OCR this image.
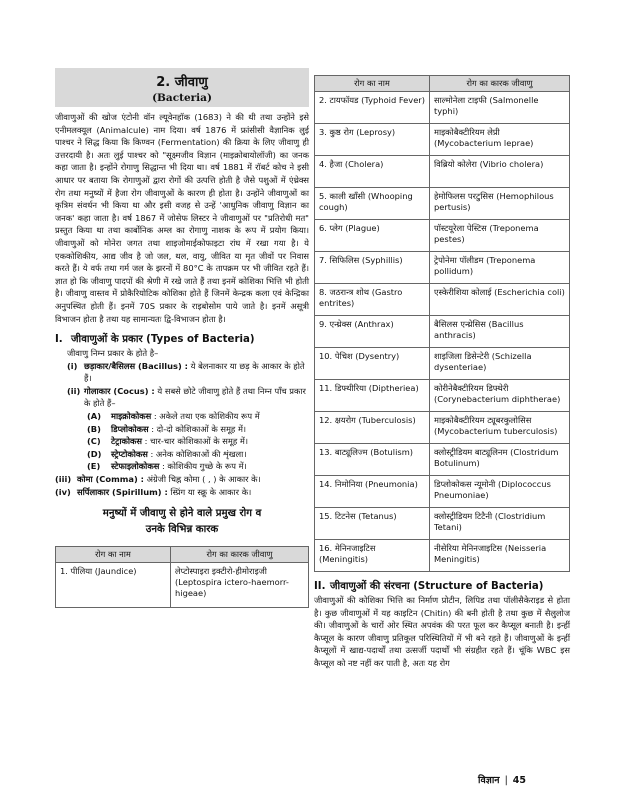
2. जीवाणु
(Bacteria)

जीवाणुओं की खोज एंटोनी वॉन ल्यूवेनहॉक (1683) ने की थी तथा उन्होंने इसे एनीमलक्यूल (Animalcule) नाम दिया। वर्ष 1876 में फ्रांसीसी वैज्ञानिक लुई पाश्चर ने सिद्ध किया कि किण्वन (Fermentation) की क्रिया के लिए जीवाणु ही उत्तरदायी है। अतः लुई पाश्चर को "सूक्ष्मजीव विज्ञान (माइक्रोबायोलॉजी) का जनक कहा जाता है। इन्होंने रोगाणु सिद्धान्त भी दिया था। वर्ष 1881 में रॉबर्ट कोच ने इसी आधार पर बताया कि रोगाणुओं द्वारा रोगों की उत्पत्ति होती है जैसे पशुओं में एंथ्रेक्स रोग तथा मनुष्यों में हैजा रोग जीवाणुओं के कारण ही होता है। उन्होंने जीवाणुओं का कृत्रिम संवर्धन भी किया था और इसी वजह से उन्हें 'आधुनिक जीवाणु विज्ञान का जनक' कहा जाता है। वर्ष 1867 में जोसेफ लिस्टर ने जीवाणुओं पर "प्रतिरोधी मत" प्रस्तुत किया था तथा कार्बोनिक अम्ल का रोगाणु नाशक के रूप में प्रयोग किया। जीवाणुओं को मोनेरा जगत तथा शाइजोमाईकोफाइटा रांघ में रखा गया है। ये एककोशिकीय, आद्य जीव है जो जल, थल, वायु, जीवित या मृत जीवों पर निवास करते हैं। ये वर्फ तथा गर्म जल के झरनों में 80°C के तापक्रम पर भी जीवित रहते हैं। ज्ञात हो कि जीवाणु पादपों की श्रेणी में रखे जाते हैं तथा इनमें कोशिका भित्ति भी होती है। जीवाणु वास्तव में प्रोकैरियोटिक कोशिका होते हैं जिनमें केन्द्रक कला एवं केन्द्रिका अनुपस्थित होती हैं। इनमें 70S प्रकार के राइबोसोम पाये जाते है। इनमें असूत्री विभाजन होता है तथा यह सामान्यतः द्वि-विभाजन होता है।

I. जीवाणुओं के प्रकार (Types of Bacteria)
जीवाणु निम्न प्रकार के होते है–
(i) छड़ाकार/बैसिलस (Bacillus) : ये बेलनाकार या छड़ के आकार के होते हैं।
(ii) गोलाकार (Cocus) : ये सबसे छोटे जीवाणु होते हैं तथा निम्न पाँच प्रकार के होते हैं–
(A)	माइक्रोकोकस : अकेले तथा एक कोशिकीय रूप में
(B)	डिप्लोकोकस : दो-दो कोशिकाओं के समूह में।
(C)	टेट्राकोकस : चार-चार कोशिकाओं के समूह में।
(D)	स्ट्रेप्टोकोकस : अनेक कोशिकाओं की शृंखला।
(E)	स्टेफाइलोकोकस : कोशिकीय गुच्छे के रूप में।
(iii) कोमा (Comma) : अंग्रेजी चिह्न कोमा ( , ) के आकार के।
(iv) सर्पिलाकार (Spirillum) : स्प्रिंग या स्क्रू के आकार के।
मनुष्यों में जीवाणु से होने वाले प्रमुख रोग व
उनके विभिन्न कारक
रोग का नाम	रोग का कारक जीवाणु
1. पीलिया (Jaundice)	लेप्टोस्पाइरा इक्टीरो-हीमोराइजी (Leptospira ictero-haemorr-higeae)
रोग का नाम	रोग का कारक जीवाणु
2. टायफॉयड (Typhoid Fever)	साल्मोनेला टाइफी (Salmonelle typhi)
3. कुष्ठ रोग (Leprosy)	माइकोबैक्टीरियम लेप्री (Mycobacterium leprae)
4. हैजा (Cholera)	विब्रियो कोलेरा (Vibrio cholera)
5. काली खाँसी (Whooping cough)	हेमोफिलस परटुसिस (Hemophilous pertusis)
6. प्लेग (Plague)	पॉस्टयूरेला पेस्टिस (Treponema pestes)
7. सिफिलिस (Syphillis)	ट्रेपोनेमा पॉलीडम (Treponema pollidum)
8. जठरान्त्र शोथ (Gastro entrites)	एस्केरीशिया कोलाई (Escherichia coli)
9. एन्थ्रेक्स (Anthrax)	बैसिलस एन्थ्रेसिस (Bacillus anthracis)
10. पेचिश (Dysentry)	शाइजिला डिसेन्टेरी (Schizella dysenteriae)
11. डिफ्थीरिया (Diptheriea)	कोरीनेबैक्टीरियम डिफ्थेरी (Corynebacterium diphtherae)
12. क्षयरोग (Tuberculosis)	माइकोबैक्टीरियम ट्यूबरकुलोसिस (Mycobacterium tuberculosis)
13. बाट्यूलिज्म (Botulism)	क्लोस्ट्रीडियम बाट्यूलिनम (Clostridum Botulinum)
14. निमोनिया (Pneumonia)	डिप्लोकोकस न्यूमोनी (Diplococcus Pneumoniae)
15. टिटनेस (Tetanus)	क्लोस्ट्रीडियम टिटैनी (Clostridium Tetani)
16. मेनिनजाइटिस (Meningitis)	नीसेरिया मेनिनजाइटिस (Neisseria Meningitis)
II. जीवाणुओं की संरचना (Structure of Bacteria)

जीवाणुओं की कोशिका भित्ति का निर्माण प्रोटीन, लिपिड तथा पॉलीसैकेराइड से होता है। कुछ जीवाणुओं में यह काइटिन (Chitin) की बनी होती है तथा कुछ में सैलुलोज की। जीवाणुओं के चारों ओर स्थित अपवंक की परत फूल कर कैप्सूल बनाती है। इन्हीं कैप्सूल के कारण जीवाणु प्रतिकूल परिस्थितियों में भी बने रहते हैं। जीवाणुओं के इन्हीं कैप्सूलों में खाद्य-पदार्थों तथा उत्सर्जी पदार्थों भी संग्रहीत रहते हैं। चूंकि WBC इस कैप्सूल को नष्ट नहीं कर पाती है, अतः यह रोग

विज्ञान | 45
